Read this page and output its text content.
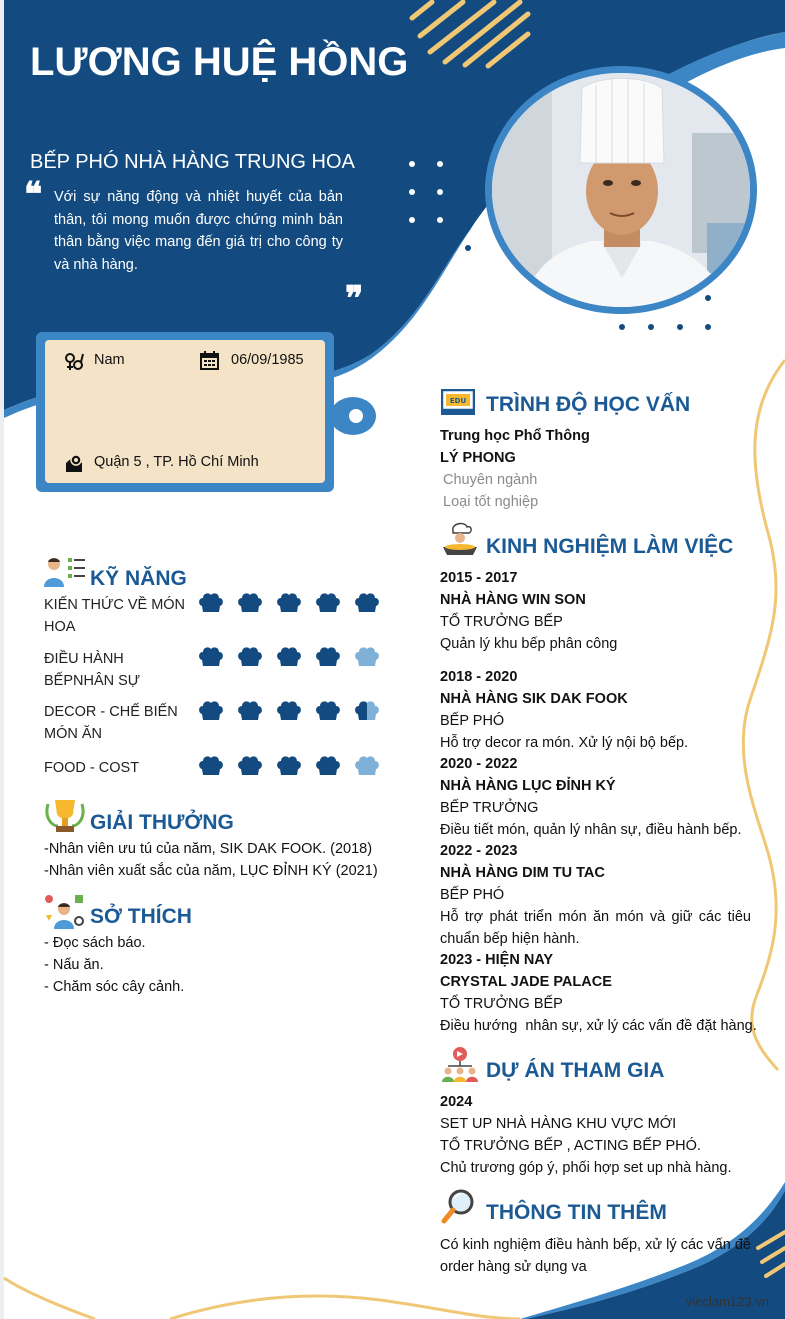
LƯƠNG HUỆ HỒNG
BẾP PHÓ NHÀ HÀNG TRUNG HOA
❝ Với sự năng động và nhiệt huyết của bản thân, tôi mong muốn được chứng minh bản thân bằng việc mang đến giá trị cho công ty và nhà hàng.
❞
Nam	06/09/1985
Quận 5 , TP. Hồ Chí Minh
KỸ NĂNG
KIẾN THỨC VỀ MÓN HOA
ĐIỀU HÀNH BẾPNHÂN SỰ
DECOR - CHẾ BIẾN MÓN ĂN
FOOD - COST
GIẢI THƯỞNG
-Nhân viên ưu tú của năm, SIK DAK FOOK. (2018)
-Nhân viên xuất sắc của năm, LỤC ĐỈNH KÝ (2021)
SỞ THÍCH
- Đọc sách báo.
- Nấu ăn.
- Chăm sóc cây cảnh.
EDU TRÌNH ĐỘ HỌC VẤN
Trung học Phổ Thông
LÝ PHONG
Chuyên ngành
Loại tốt nghiệp
KINH NGHIỆM LÀM VIỆC
2015 - 2017
NHÀ HÀNG WIN SON
TỔ TRƯỞNG BẾP
Quản lý khu bếp phân công
2018 - 2020
NHÀ HÀNG SIK DAK FOOK
BẾP PHÓ
Hỗ trợ decor ra món. Xử lý nội bộ bếp.
2020 - 2022
NHÀ HÀNG LỤC ĐỈNH KÝ
BẾP TRƯỞNG
Điều tiết món, quản lý nhân sự, điều hành bếp.
2022 - 2023
NHÀ HÀNG DIM TU TAC
BẾP PHÓ
Hỗ trợ phát triển món ăn món và giữ các tiêu chuẩn bếp hiện hành.
2023 - HIỆN NAY
CRYSTAL JADE PALACE
TỔ TRƯỞNG BẾP
Điều hướng  nhân sự, xử lý các vấn đề đặt hàng.
DỰ ÁN THAM GIA
2024
SET UP NHÀ HÀNG KHU VỰC MỚI
TỔ TRƯỞNG BẾP , ACTING BẾP PHÓ.
Chủ trương góp ý, phối hợp set up nhà hàng.
THÔNG TIN THÊM
Có kinh nghiệm điều hành bếp, xử lý các vấn đề order hàng sử dụng va
vieclam123.vn
